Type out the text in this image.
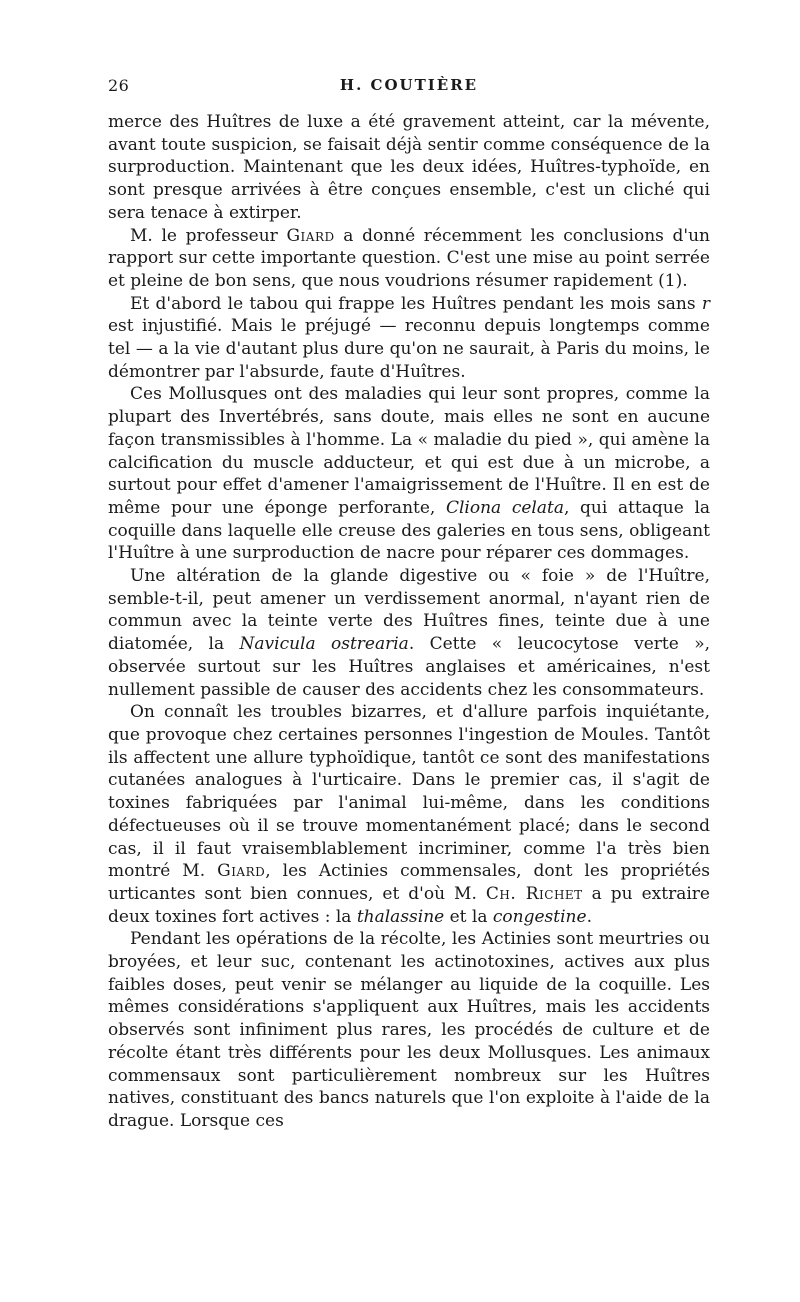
26	H. COUTIÈRE

merce des Huîtres de luxe a été gravement atteint, car la mévente, avant toute suspicion, se faisait déjà sentir comme conséquence de la surproduction. Maintenant que les deux idées, Huîtres-typhoïde, en sont presque arrivées à être conçues ensemble, c'est un cliché qui sera tenace à extirper.

M. le professeur Giard a donné récemment les conclusions d'un rapport sur cette importante question. C'est une mise au point serrée et pleine de bon sens, que nous voudrions résumer rapidement (1).

Et d'abord le tabou qui frappe les Huîtres pendant les mois sans r est injustifié. Mais le préjugé — reconnu depuis longtemps comme tel — a la vie d'autant plus dure qu'on ne saurait, à Paris du moins, le démontrer par l'absurde, faute d'Huîtres.

Ces Mollusques ont des maladies qui leur sont propres, comme la plupart des Invertébrés, sans doute, mais elles ne sont en aucune façon transmissibles à l'homme. La « maladie du pied », qui amène la calcification du muscle adducteur, et qui est due à un microbe, a surtout pour effet d'amener l'amaigrissement de l'Huître. Il en est de même pour une éponge perforante, Cliona celata, qui attaque la coquille dans laquelle elle creuse des galeries en tous sens, obligeant l'Huître à une surproduction de nacre pour réparer ces dommages.

Une altération de la glande digestive ou « foie » de l'Huître, semble-t-il, peut amener un verdissement anormal, n'ayant rien de commun avec la teinte verte des Huîtres fines, teinte due à une diatomée, la Navicula ostrearia. Cette « leucocytose verte », observée surtout sur les Huîtres anglaises et américaines, n'est nullement passible de causer des accidents chez les consommateurs.

On connaît les troubles bizarres, et d'allure parfois inquiétante, que provoque chez certaines personnes l'ingestion de Moules. Tantôt ils affectent une allure typhoïdique, tantôt ce sont des manifestations cutanées analogues à l'urticaire. Dans le premier cas, il s'agit de toxines fabriquées par l'animal lui-même, dans les conditions défectueuses où il se trouve momentanément placé; dans le second cas, il il faut vraisemblablement incriminer, comme l'a très bien montré M. Giard, les Actinies commensales, dont les propriétés urticantes sont bien connues, et d'où M. Ch. Richet a pu extraire deux toxines fort actives : la thalassine et la congestine.

Pendant les opérations de la récolte, les Actinies sont meurtries ou broyées, et leur suc, contenant les actinotoxines, actives aux plus faibles doses, peut venir se mélanger au liquide de la coquille. Les mêmes considérations s'appliquent aux Huîtres, mais les accidents observés sont infiniment plus rares, les procédés de culture et de récolte étant très différents pour les deux Mollusques. Les animaux commensaux sont particulièrement nombreux sur les Huîtres natives, constituant des bancs naturels que l'on exploite à l'aide de la drague. Lorsque ces
